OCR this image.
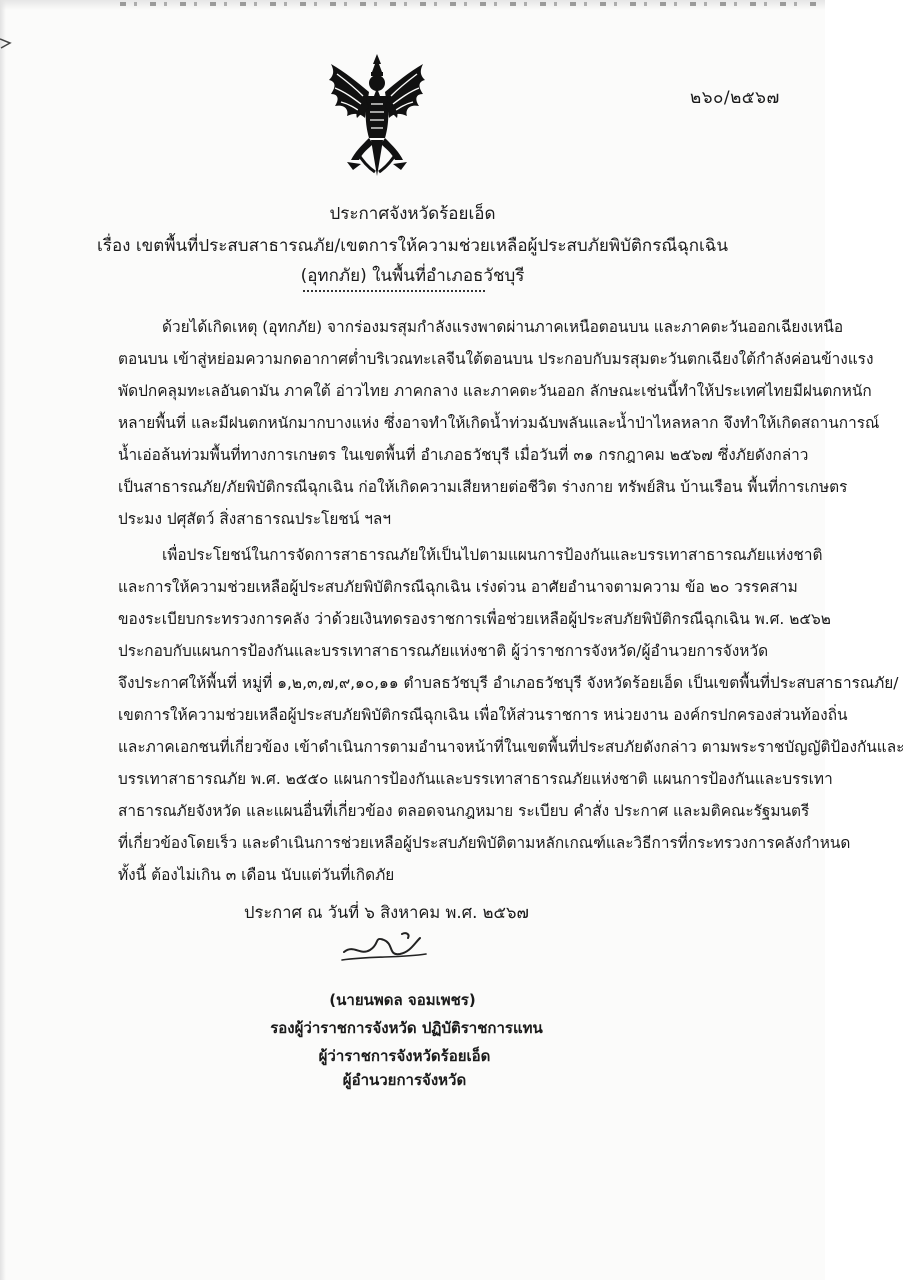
๒๖๐/๒๕๖๗
ประกาศจังหวัดร้อยเอ็ด
เรื่อง เขตพื้นที่ประสบสาธารณภัย/เขตการให้ความช่วยเหลือผู้ประสบภัยพิบัติกรณีฉุกเฉิน
(อุทกภัย) ในพื้นที่อำเภอธวัชบุรี
ด้วยได้เกิดเหตุ (อุทกภัย) จากร่องมรสุมกำลังแรงพาดผ่านภาคเหนือตอนบน และภาคตะวันออกเฉียงเหนือ
ตอนบน เข้าสู่หย่อมความกดอากาศต่ำบริเวณทะเลจีนใต้ตอนบน ประกอบกับมรสุมตะวันตกเฉียงใต้กำลังค่อนข้างแรง
พัดปกคลุมทะเลอันดามัน ภาคใต้ อ่าวไทย ภาคกลาง และภาคตะวันออก ลักษณะเช่นนี้ทำให้ประเทศไทยมีฝนตกหนัก
หลายพื้นที่ และมีฝนตกหนักมากบางแห่ง ซึ่งอาจทำให้เกิดน้ำท่วมฉับพลันและน้ำป่าไหลหลาก จึงทำให้เกิดสถานการณ์
น้ำเอ่อล้นท่วมพื้นที่ทางการเกษตร ในเขตพื้นที่ อำเภอธวัชบุรี เมื่อวันที่ ๓๑ กรกฎาคม ๒๕๖๗ ซึ่งภัยดังกล่าว
เป็นสาธารณภัย/ภัยพิบัติกรณีฉุกเฉิน ก่อให้เกิดความเสียหายต่อชีวิต ร่างกาย ทรัพย์สิน บ้านเรือน พื้นที่การเกษตร
ประมง ปศุสัตว์ สิ่งสาธารณประโยชน์ ฯลฯ
เพื่อประโยชน์ในการจัดการสาธารณภัยให้เป็นไปตามแผนการป้องกันและบรรเทาสาธารณภัยแห่งชาติ
และการให้ความช่วยเหลือผู้ประสบภัยพิบัติกรณีฉุกเฉิน เร่งด่วน อาศัยอำนาจตามความ ข้อ ๒๐ วรรคสาม
ของระเบียบกระทรวงการคลัง ว่าด้วยเงินทดรองราชการเพื่อช่วยเหลือผู้ประสบภัยพิบัติกรณีฉุกเฉิน พ.ศ. ๒๕๖๒
ประกอบกับแผนการป้องกันและบรรเทาสาธารณภัยแห่งชาติ ผู้ว่าราชการจังหวัด/ผู้อำนวยการจังหวัด
จึงประกาศให้พื้นที่ หมู่ที่ ๑,๒,๓,๗,๙,๑๐,๑๑ ตำบลธวัชบุรี อำเภอธวัชบุรี จังหวัดร้อยเอ็ด เป็นเขตพื้นที่ประสบสาธารณภัย/
เขตการให้ความช่วยเหลือผู้ประสบภัยพิบัติกรณีฉุกเฉิน เพื่อให้ส่วนราชการ หน่วยงาน องค์กรปกครองส่วนท้องถิ่น
และภาคเอกชนที่เกี่ยวข้อง เข้าดำเนินการตามอำนาจหน้าที่ในเขตพื้นที่ประสบภัยดังกล่าว ตามพระราชบัญญัติป้องกันและ
บรรเทาสาธารณภัย พ.ศ. ๒๕๕๐ แผนการป้องกันและบรรเทาสาธารณภัยแห่งชาติ แผนการป้องกันและบรรเทา
สาธารณภัยจังหวัด และแผนอื่นที่เกี่ยวข้อง ตลอดจนกฎหมาย ระเบียบ คำสั่ง ประกาศ และมติคณะรัฐมนตรี
ที่เกี่ยวข้องโดยเร็ว และดำเนินการช่วยเหลือผู้ประสบภัยพิบัติตามหลักเกณฑ์และวิธีการที่กระทรวงการคลังกำหนด
ทั้งนี้ ต้องไม่เกิน ๓ เดือน นับแต่วันที่เกิดภัย
ประกาศ ณ วันที่ ๖ สิงหาคม พ.ศ. ๒๕๖๗
(นายนพดล จอมเพชร)
รองผู้ว่าราชการจังหวัด ปฏิบัติราชการแทน
ผู้ว่าราชการจังหวัดร้อยเอ็ด
ผู้อำนวยการจังหวัด
